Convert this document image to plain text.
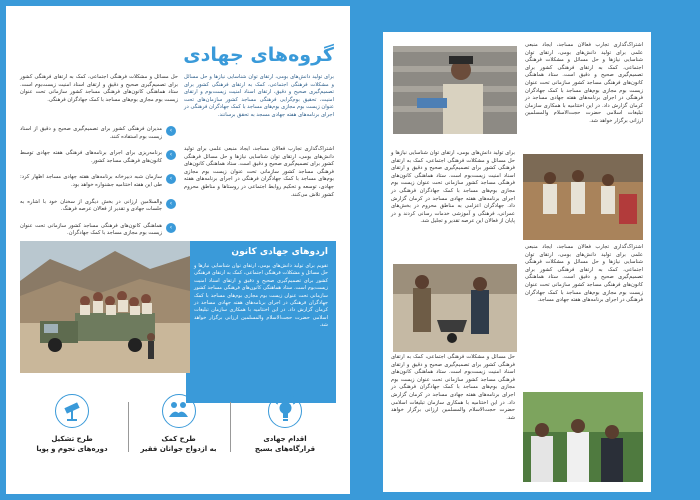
گروه‌های جهادی
برای تولید دانش‌های بومی، ارتقای توان شناسایی نیازها و حل مسائل و مشکلات فرهنگی اجتماعی، کمک به ارتقای فرهنگی کشور برای تصمیم‌گیری صحیح و دقیق، ارتقای اسناد امنیت زیست‌بوم و ارتقای امنیت، تحقیق بوم‌گرایی فرهنگی مساجد کشور سازمان‌های تحت عنوان زیست بوم مجازی بوم‌های مساجد با کمک جهادگران فرهنگی در اجرای برنامه‌های هفته جهادی مسجد به تحقق برسانند.
حل مسائل و مشکلات فرهنگی اجتماعی، کمک به ارتقای فرهنگی کشور برای تصمیم‌گیری صحیح و دقیق و ارتقای اسناد امنیت زیست‌بوم است. ستاد هماهنگی کانون‌های فرهنگی مساجد کشور سازمانی تحت عنوان زیست بوم مجازی بوم‌های مساجد با کمک جهادگران فرهنگی.
اشتراک‌گذاری تجارب فعالان مساجد، ایجاد منبعی علمی برای تولید دانش‌های بومی، ارتقای توان شناسایی نیازها و حل مسائل فرهنگی کشور برای تصمیم‌گیری صحیح و دقیق است. ستاد هماهنگی کانون‌های فرهنگی مساجد کشور سازمانی تحت عنوان زیست بوم مجازی بوم‌های مساجد با کمک جهادگران فرهنگی در اجرای برنامه‌های هفته جهادی، توسعه و تحکیم روابط اجتماعی در روستاها و مناطق محروم کشور تلاش می‌کنند.
‹
مدیران فرهنگی کشور برای تصمیم‌گیری صحیح و دقیق از اسناد زیست بوم استفاده کنند.
‹
برنامه‌ریزی برای اجرای برنامه‌های فرهنگی هفته جهادی توسط کانون‌های فرهنگی مساجد کشور.
‹
سازمان شبه دبیرخانه برنامه‌های هفته جهادی مساجد اظهار کرد: طی این هفته اختتامیه جشنواره خواهد بود.
‹
والسلامین ارزانی در بخش دیگری از سخنان خود با اشاره به جلسات جهادی و تقدیر از فعالان عرصه فرهنگ.
‹
هماهنگی کانون‌های فرهنگی مساجد کشور سازمانی تحت عنوان زیست بوم مجازی مساجد با کمک جهادگران.
اردوهای جهادی کانون
تقویم برای تولید دانش‌های بومی، ارتقای توان شناسایی نیازها و حل مسائل و مشکلات فرهنگی اجتماعی، کمک به ارتقای فرهنگی کشور برای تصمیم‌گیری صحیح و دقیق و ارتقای اسناد امنیت زیست‌بوم است. ستاد هماهنگی کانون‌های فرهنگی مساجد کشور سازمانی تحت عنوان زیست بوم مجازی بوم‌های مساجد با کمک جهادگران فرهنگی در اجرای برنامه‌های هفته جهادی مساجد در کرمان گزارش داد. در این اختتامیه با همکاری سازمان تبلیغات اسلامی حضرت حجت‌الاسلام والمسلمین ارزانی برگزار خواهد شد.
طرح تشکیل
دوره‌های نجوم و پویا
طرح کمک
به ازدواج جوانان فقیر
اقدام جهادی
قرارگاه‌های بسیج
اشتراک‌گذاری تجارب فعالان مساجد، ایجاد منبعی علمی برای تولید دانش‌های بومی، ارتقای توان شناسایی نیازها و حل مسائل و مشکلات فرهنگی اجتماعی، کمک به ارتقای فرهنگی کشور برای تصمیم‌گیری صحیح و دقیق است. ستاد هماهنگی کانون‌های فرهنگی مساجد کشور سازمانی تحت عنوان زیست بوم مجازی بوم‌های مساجد با کمک جهادگران فرهنگی در اجرای برنامه‌های هفته جهادی مساجد در کرمان گزارش داد. در این اختتامیه با همکاری سازمان تبلیغات اسلامی حضرت حجت‌الاسلام والمسلمین ارزانی برگزار خواهد شد.
برای تولید دانش‌های بومی، ارتقای توان شناسایی نیازها و حل مسائل و مشکلات فرهنگی اجتماعی، کمک به ارتقای فرهنگی کشور برای تصمیم‌گیری صحیح و دقیق و ارتقای اسناد امنیت زیست‌بوم است. ستاد هماهنگی کانون‌های فرهنگی مساجد کشور سازمانی تحت عنوان زیست بوم مجازی بوم‌های مساجد با کمک جهادگران فرهنگی در اجرای برنامه‌های هفته جهادی مساجد در کرمان گزارش داد. جهادگران اعزامی به مناطق محروم در بخش‌های عمرانی، فرهنگی و آموزشی خدمات رسانی کردند و در پایان از فعالان این عرصه تقدیر و تجلیل شد.
اشتراک‌گذاری تجارب فعالان مساجد، ایجاد منبعی علمی برای تولید دانش‌های بومی، ارتقای توان شناسایی نیازها و حل مسائل و مشکلات فرهنگی اجتماعی، کمک به ارتقای فرهنگی کشور برای تصمیم‌گیری صحیح و دقیق است. ستاد هماهنگی کانون‌های فرهنگی مساجد کشور سازمانی تحت عنوان زیست بوم مجازی بوم‌های مساجد با کمک جهادگران فرهنگی در اجرای برنامه‌های هفته جهادی مساجد.
حل مسائل و مشکلات فرهنگی اجتماعی، کمک به ارتقای فرهنگی کشور برای تصمیم‌گیری صحیح و دقیق و ارتقای اسناد امنیت زیست‌بوم است. ستاد هماهنگی کانون‌های فرهنگی مساجد کشور سازمانی تحت عنوان زیست بوم مجازی بوم‌های مساجد با کمک جهادگران فرهنگی در اجرای برنامه‌های هفته جهادی مساجد در کرمان گزارش داد. در این اختتامیه با همکاری سازمان تبلیغات اسلامی حضرت حجت‌الاسلام والمسلمین ارزانی برگزار خواهد شد.
